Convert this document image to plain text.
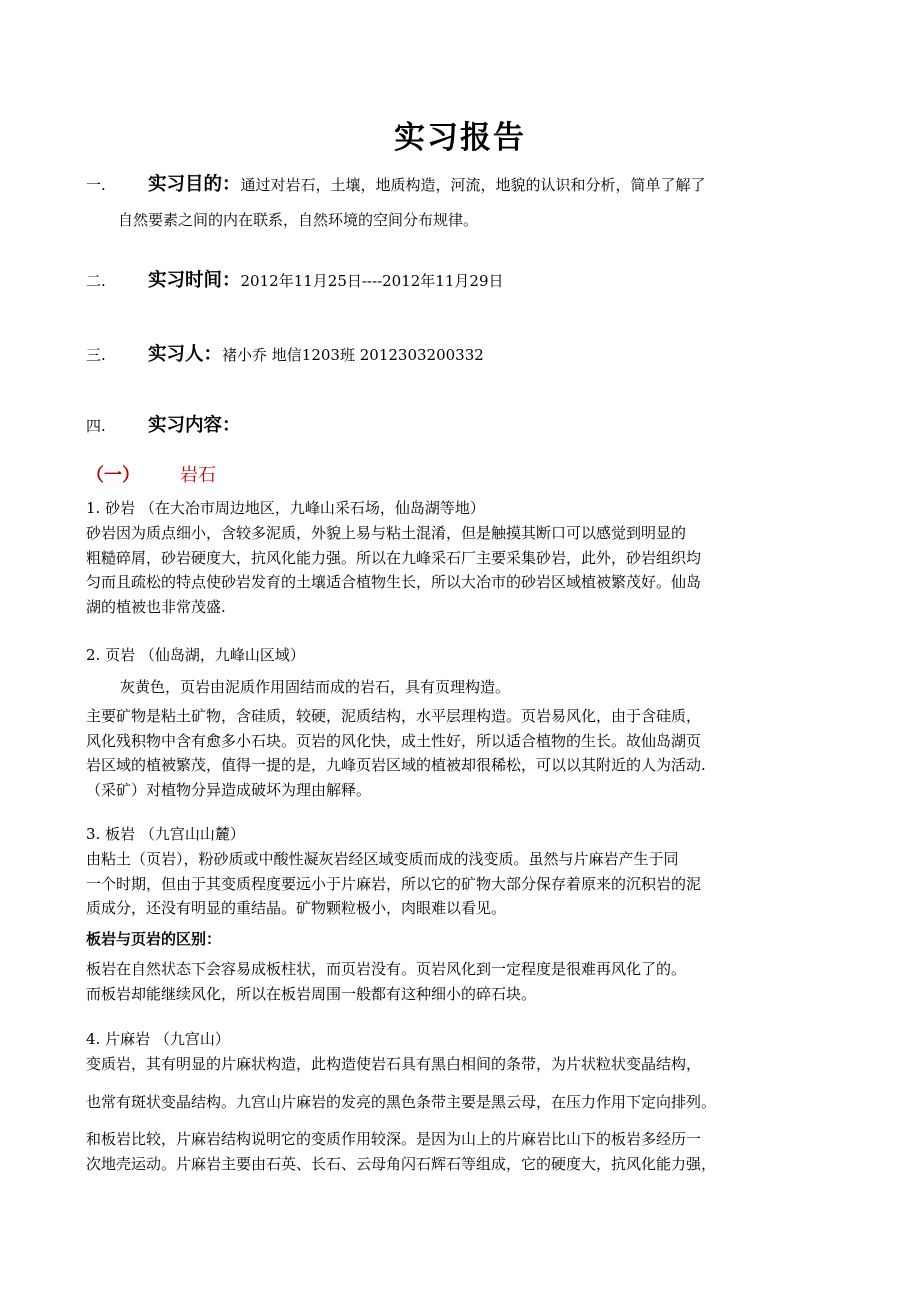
实习报告
一. 实习目的：通过对岩石，土壤，地质构造，河流，地貌的认识和分析，简单了解了
自然要素之间的内在联系，自然环境的空间分布规律。
二. 实习时间：2012年11月25日----2012年11月29日
三. 实习人：褚小乔 地信1203班 2012303200332
四. 实习内容：
（一） 岩石
1. 砂岩 （在大冶市周边地区，九峰山采石场，仙岛湖等地）

砂岩因为质点细小，含较多泥质，外貌上易与粘土混淆，但是触摸其断口可以感觉到明显的

粗糙碎屑，砂岩硬度大，抗风化能力强。所以在九峰采石厂主要采集砂岩，此外，砂岩组织均

匀而且疏松的特点使砂岩发育的土壤适合植物生长，所以大冶市的砂岩区域植被繁茂好。仙岛

湖的植被也非常茂盛.

2. 页岩 （仙岛湖，九峰山区域）
灰黄色，页岩由泥质作用固结而成的岩石，具有页理构造。

主要矿物是粘土矿物，含硅质，较硬，泥质结构，水平层理构造。页岩易风化，由于含硅质，

风化残积物中含有愈多小石块。页岩的风化快，成土性好，所以适合植物的生长。故仙岛湖页

岩区域的植被繁茂，值得一提的是，九峰页岩区域的植被却很稀松，可以以其附近的人为活动.

（采矿）对植物分异造成破坏为理由解释。

3. 板岩 （九宫山山麓）

由粘土（页岩），粉砂质或中酸性凝灰岩经区域变质而成的浅变质。虽然与片麻岩产生于同

一个时期，但由于其变质程度要远小于片麻岩，所以它的矿物大部分保存着原来的沉积岩的泥

质成分，还没有明显的重结晶。矿物颗粒极小，肉眼难以看见。

板岩与页岩的区别：

板岩在自然状态下会容易成板柱状，而页岩没有。页岩风化到一定程度是很难再风化了的。

而板岩却能继续风化，所以在板岩周围一般都有这种细小的碎石块。

4. 片麻岩 （九宫山）
变质岩，其有明显的片麻状构造，此构造使岩石具有黑白相间的条带，为片状粒状变晶结构，
也常有斑状变晶结构。九宫山片麻岩的发亮的黑色条带主要是黑云母，在压力作用下定向排列。

和板岩比较，片麻岩结构说明它的变质作用较深。是因为山上的片麻岩比山下的板岩多经历一

次地壳运动。片麻岩主要由石英、长石、云母角闪石辉石等组成，它的硬度大，抗风化能力强，
